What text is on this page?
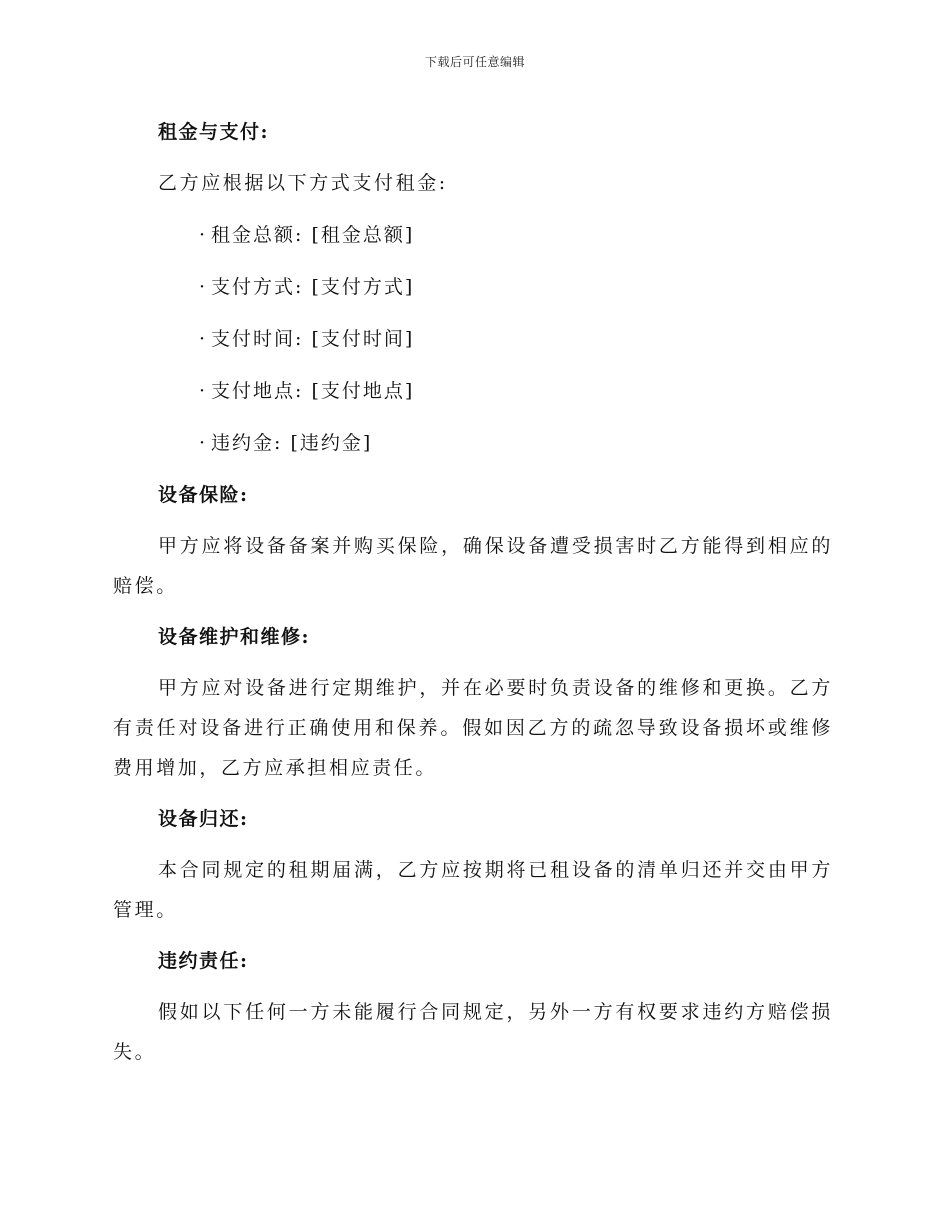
下载后可任意编辑

租金与支付:

乙方应根据以下方式支付租金:

· 租金总额: [租金总额]

· 支付方式: [支付方式]

· 支付时间: [支付时间]

· 支付地点: [支付地点]

· 违约金: [违约金]

设备保险:

甲方应将设备备案并购买保险，确保设备遭受损害时乙方能得到相应的赔偿。

设备维护和维修:

甲方应对设备进行定期维护，并在必要时负责设备的维修和更换。乙方有责任对设备进行正确使用和保养。假如因乙方的疏忽导致设备损坏或维修费用增加，乙方应承担相应责任。

设备归还:

本合同规定的租期届满，乙方应按期将已租设备的清单归还并交由甲方管理。

违约责任:

假如以下任何一方未能履行合同规定，另外一方有权要求违约方赔偿损失。
